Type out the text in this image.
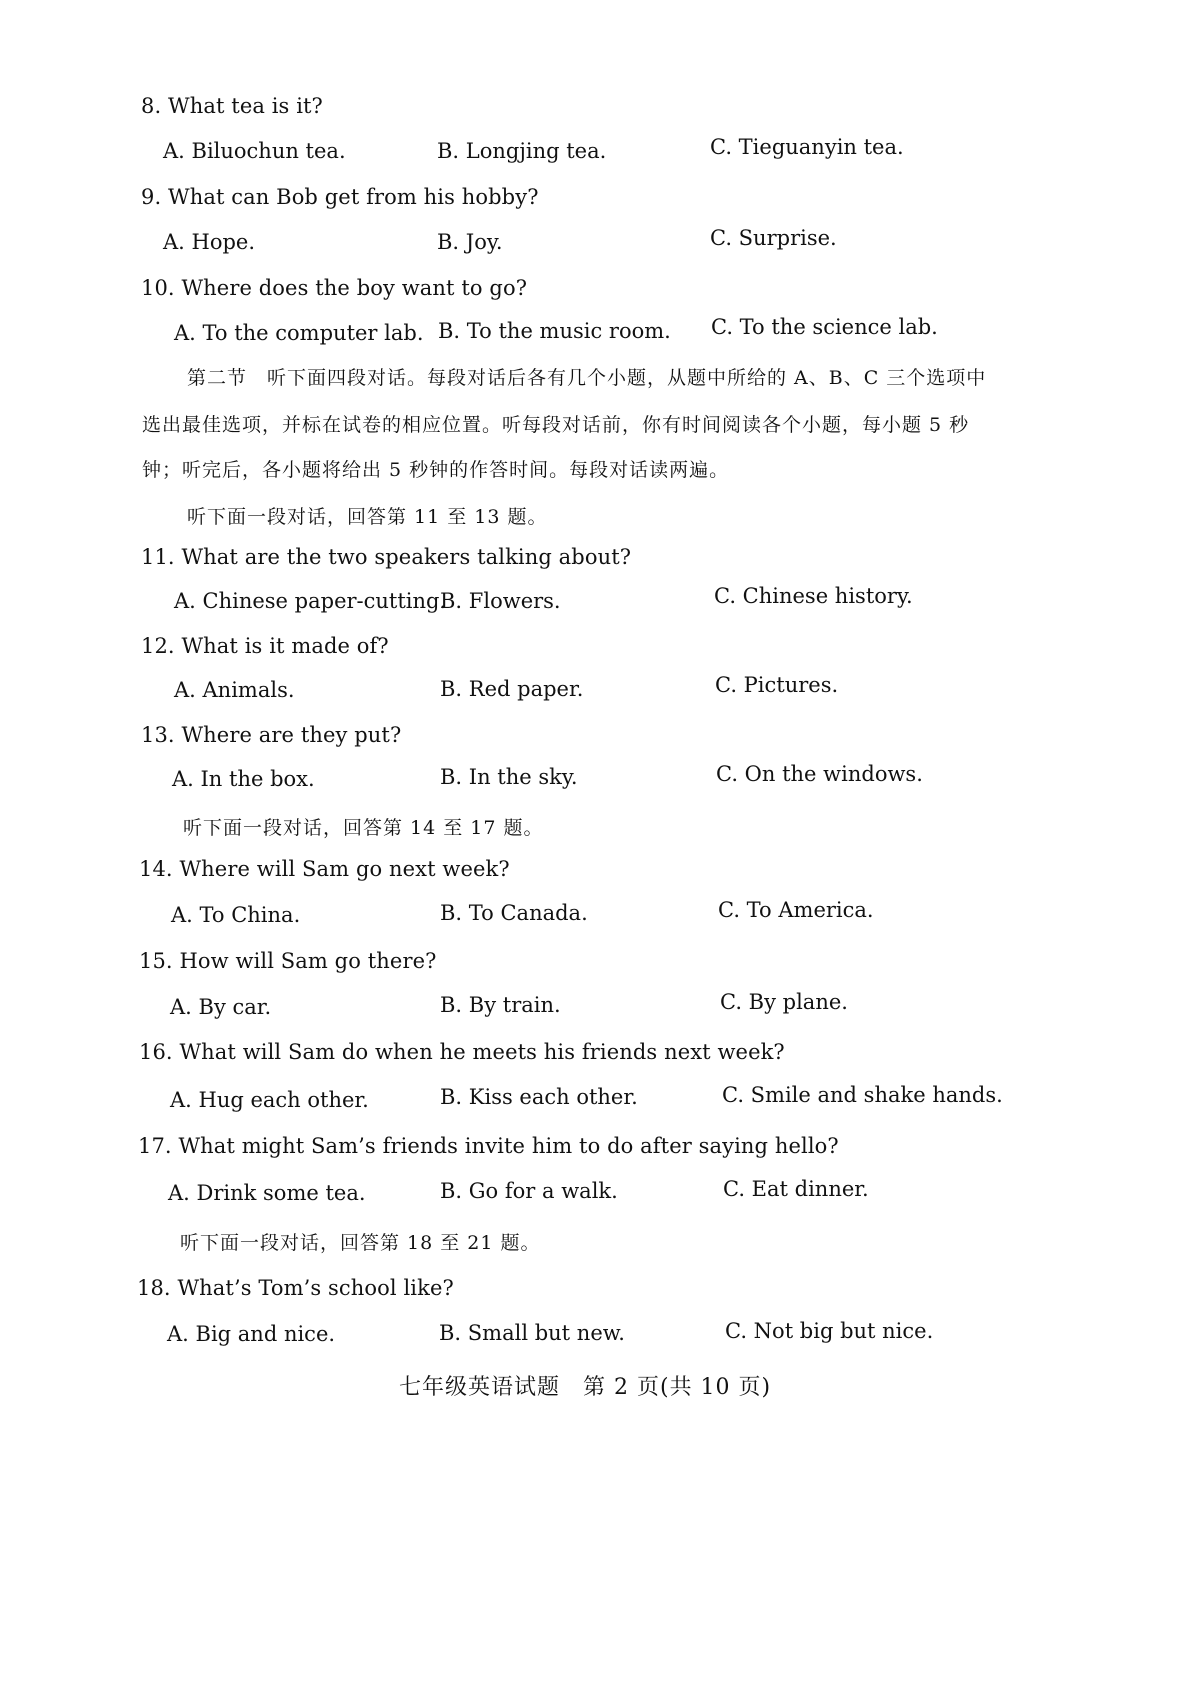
8. What tea is it?
A. Biluochun tea.	B. Longjing tea.	C. Tieguanyin tea.
9. What can Bob get from his hobby?
A. Hope.	B. Joy.	C. Surprise.
10. Where does the boy want to go?
A. To the computer lab. B. To the music room. C. To the science lab.
第二节　听下面四段对话。每段对话后各有几个小题，从题中所给的 A、B、C 三个选项中
选出最佳选项，并标在试卷的相应位置。听每段对话前，你有时间阅读各个小题，每小题 5 秒
钟；听完后，各小题将给出 5 秒钟的作答时间。每段对话读两遍。
听下面一段对话，回答第 11 至 13 题。
11. What are the two speakers talking about?
A. Chinese paper-cutting.
B. Flowers.	C. Chinese history.
12. What is it made of?
A. Animals.	B. Red paper.	C. Pictures.
13. Where are they put?
A. In the box.	B. In the sky.	C. On the windows.
听下面一段对话，回答第 14 至 17 题。
14. Where will Sam go next week?
A. To China.	B. To Canada.	C. To America.
15. How will Sam go there?
A. By car.	B. By train.	C. By plane.
16. What will Sam do when he meets his friends next week?
A. Hug each other.	B. Kiss each other.	C. Smile and shake hands.
17. What might Sam’s friends invite him to do after saying hello?
A. Drink some tea.	B. Go for a walk.	C. Eat dinner.
听下面一段对话，回答第 18 至 21 题。
18. What’s Tom’s school like?
A. Big and nice.	B. Small but new.	C. Not big but nice.
七年级英语试题　第 2 页(共 10 页)
